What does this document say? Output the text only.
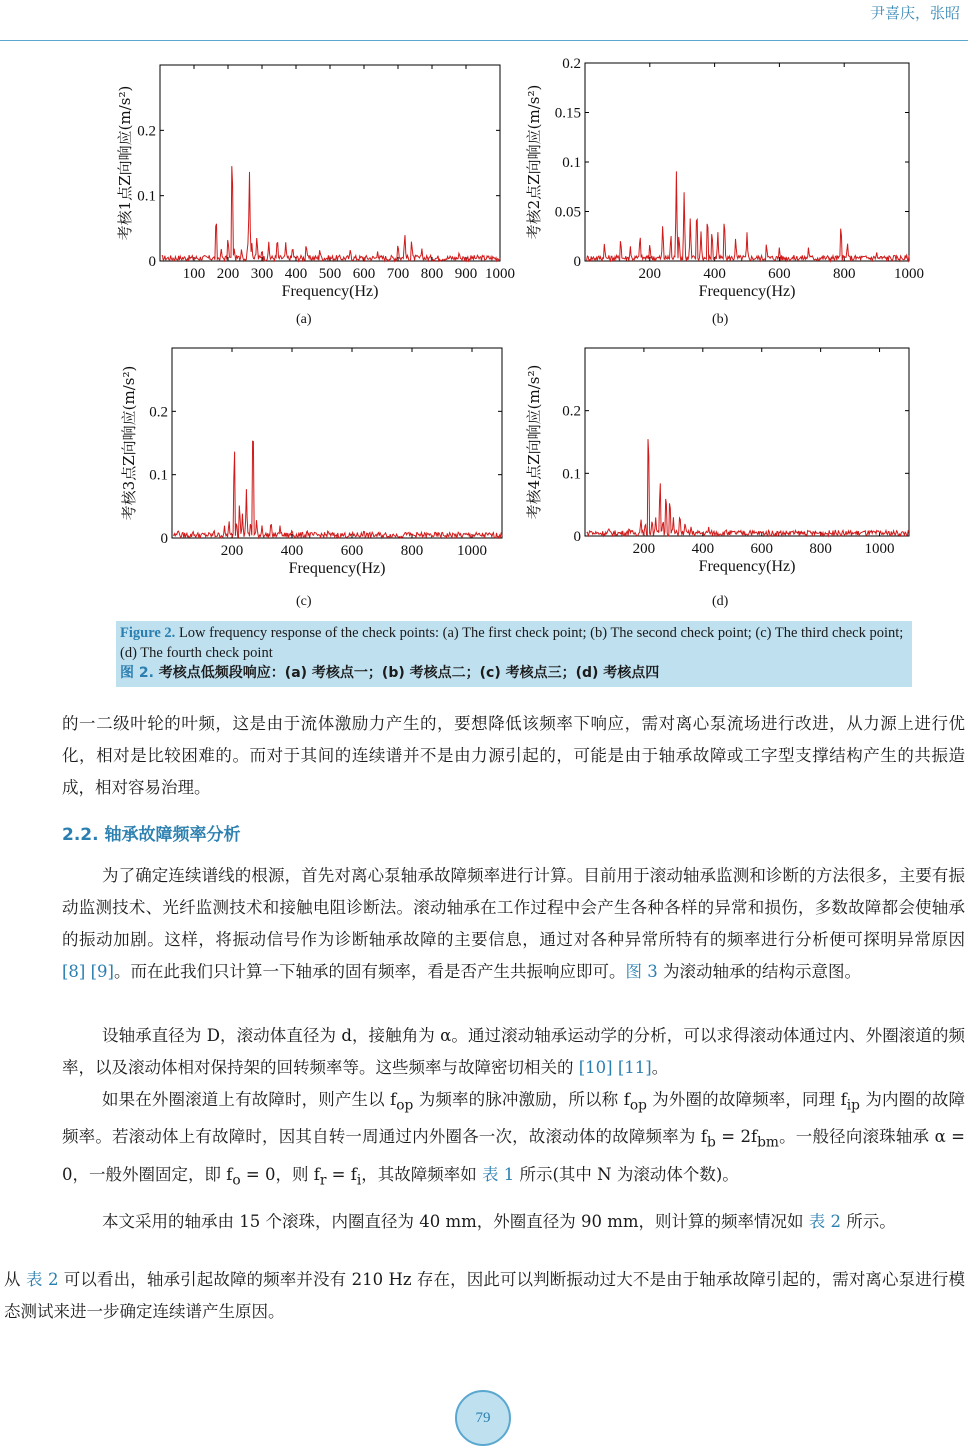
尹喜庆，张昭
100 200 300 400 500 600 700 800 900 1000
0
0.1
0.2
Frequency(Hz)
考核1点Z向响应(m/s²)
(a)
200	400	600	800	1000
0
0.05
0.1
0.15
0.2
Frequency(Hz)
考核2点Z向响应(m/s²)
(b)
200	400	600	800 1000
0
0.1
0.2
Frequency(Hz)
考核3点Z向响应(m/s²)
(c)
200 400 600 800 1000
0
0.1
0.2
Frequency(Hz)
考核4点Z向响应(m/s²)
(d)
Figure 2. Low frequency response of the check points: (a) The first check point; (b) The second check point; (c) The third check point; (d) The fourth check point
图 2. 考核点低频段响应：(a) 考核点一；(b) 考核点二；(c) 考核点三；(d) 考核点四
的一二级叶轮的叶频，这是由于流体激励力产生的，要想降低该频率下响应，需对离心泵流场进行改进，从力源上进行优化，相对是比较困难的。而对于其间的连续谱并不是由力源引起的，可能是由于轴承故障或工字型支撑结构产生的共振造成，相对容易治理。
2.2. 轴承故障频率分析
为了确定连续谱线的根源，首先对离心泵轴承故障频率进行计算。目前用于滚动轴承监测和诊断的方法很多，主要有振动监测技术、光纤监测技术和接触电阻诊断法。滚动轴承在工作过程中会产生各种各样的异常和损伤，多数故障都会使轴承的振动加剧。这样，将振动信号作为诊断轴承故障的主要信息，通过对各种异常所特有的频率进行分析便可探明异常原因 [8] [9]。而在此我们只计算一下轴承的固有频率，看是否产生共振响应即可。图 3 为滚动轴承的结构示意图。
设轴承直径为 D，滚动体直径为 d，接触角为 α。通过滚动轴承运动学的分析，可以求得滚动体通过内、外圈滚道的频率，以及滚动体相对保持架的回转频率等。这些频率与故障密切相关的 [10] [11]。
如果在外圈滚道上有故障时，则产生以 $f_{op}$ 为频率的脉冲激励，所以称 $f_{op}$ 为外圈的故障频率，同理 $f_{ip}$ 为内圈的故障频率。若滚动体上有故障时，因其自转一周通过内外圈各一次，故滚动体的故障频率为 $f_b = 2f_{bm}$。一般径向滚珠轴承 α = 0，一般外圈固定，即 $f_o = 0$，则 $f_r = f_i$，其故障频率如 表 1 所示(其中 N 为滚动体个数)。
本文采用的轴承由 15 个滚珠，内圈直径为 40 mm，外圈直径为 90 mm，则计算的频率情况如 表 2 所示。
从 表 2 可以看出，轴承引起故障的频率并没有 210 Hz 存在，因此可以判断振动过大不是由于轴承故障引起的，需对离心泵进行模态测试来进一步确定连续谱产生原因。
79
